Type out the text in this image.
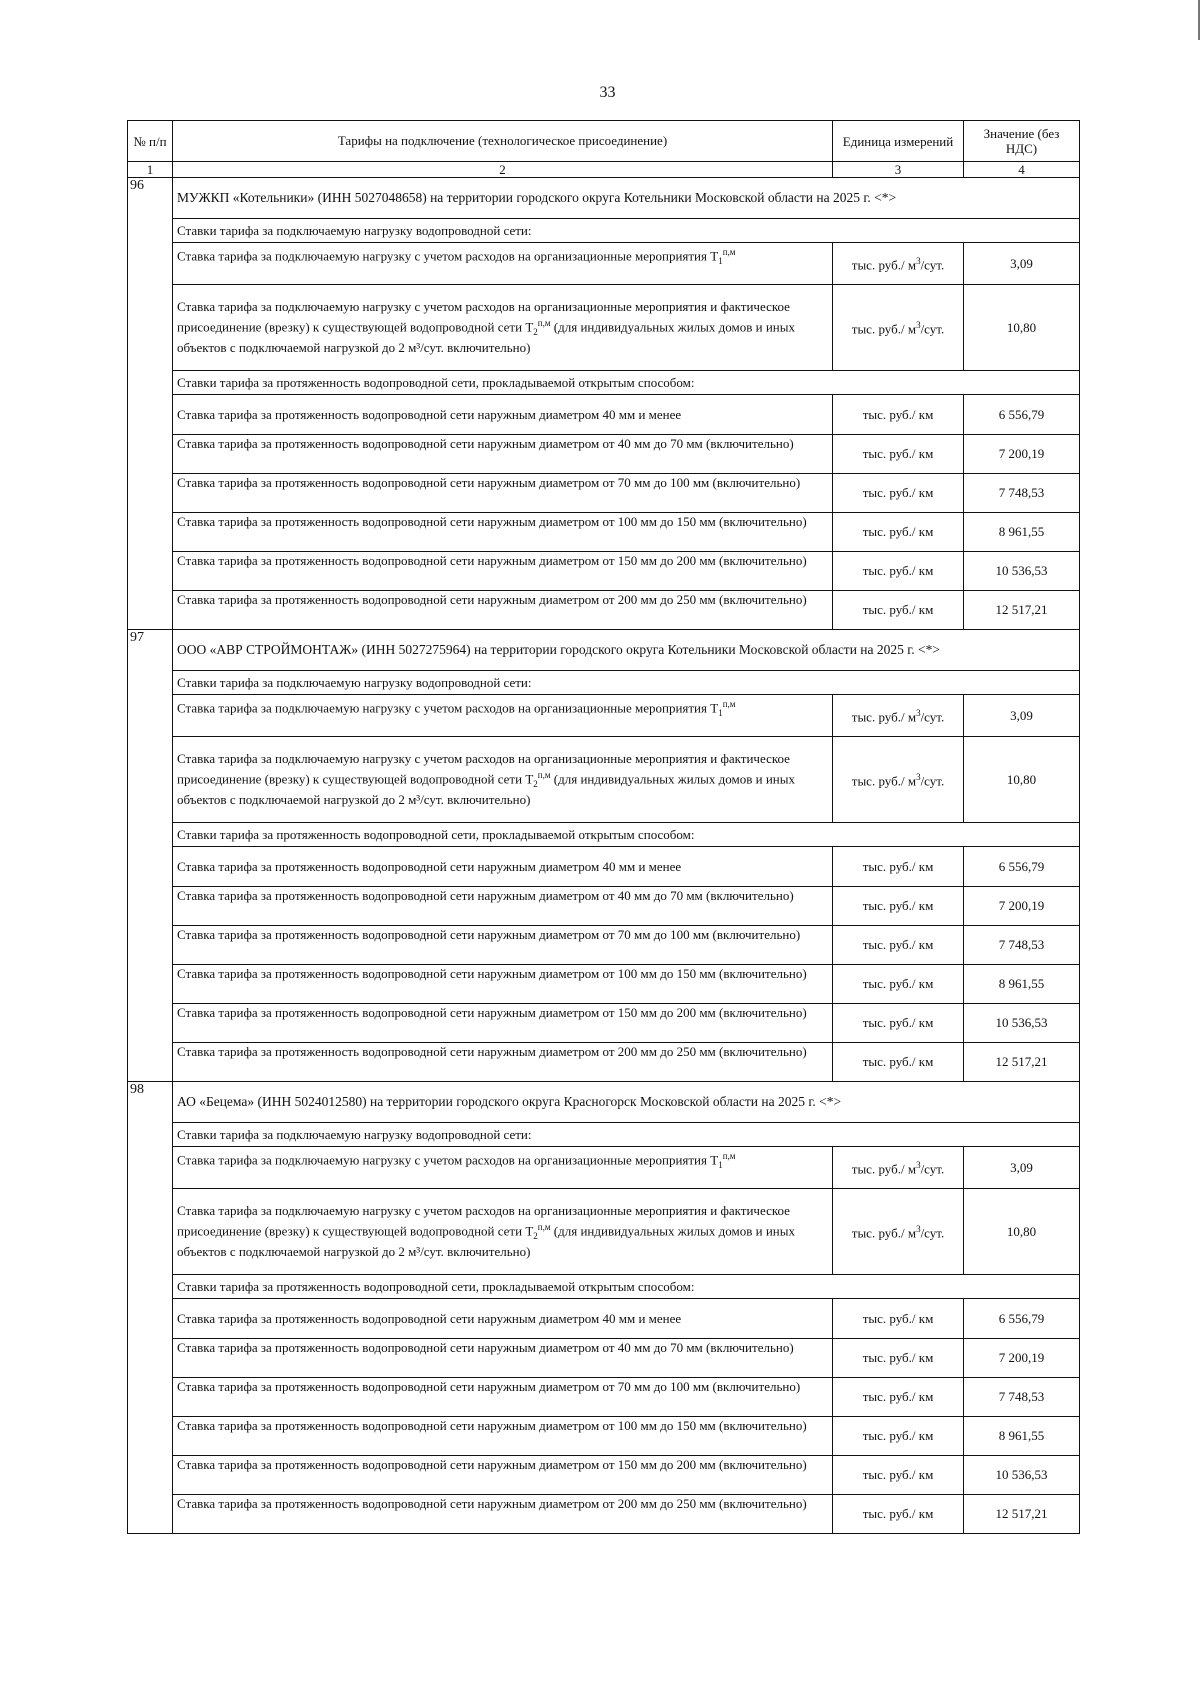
33
№ п/п	Тарифы на подключение (технологическое присоединение)	Единица измерений	Значение (без НДС)
1	2	3	4
96	МУЖКП «Котельники» (ИНН 5027048658) на территории городского округа Котельники Московской области на 2025 г. <*>		
	Ставки тарифа за подключаемую нагрузку водопроводной сети:		
	Ставка тарифа за подключаемую нагрузку с учетом расходов на организационные мероприятия $T_1^{п,м}$	тыс. руб./ $м^3$/сут.	3,09
	Ставка тарифа за подключаемую нагрузку с учетом расходов на организационные мероприятия и фактическое присоединение (врезку) к существующей водопроводной сети $T_2^{п,м}$ (для индивидуальных жилых домов и иных объектов с подключаемой нагрузкой до 2 м³/сут. включительно)	тыс. руб./ $м^3$/сут.	10,80
	Ставки тарифа за протяженность водопроводной сети, прокладываемой открытым способом:		
	Ставка тарифа за протяженность водопроводной сети наружным диаметром 40 мм и менее	тыс. руб./ км	6 556,79
	Ставка тарифа за протяженность водопроводной сети наружным диаметром от 40 мм до 70 мм (включительно)	тыс. руб./ км	7 200,19
	Ставка тарифа за протяженность водопроводной сети наружным диаметром от 70 мм до 100 мм (включительно)	тыс. руб./ км	7 748,53
	Ставка тарифа за протяженность водопроводной сети наружным диаметром от 100 мм до 150 мм (включительно)	тыс. руб./ км	8 961,55
	Ставка тарифа за протяженность водопроводной сети наружным диаметром от 150 мм до 200 мм (включительно)	тыс. руб./ км	10 536,53
	Ставка тарифа за протяженность водопроводной сети наружным диаметром от 200 мм до 250 мм (включительно)	тыс. руб./ км	12 517,21
97	ООО «АВР СТРОЙМОНТАЖ» (ИНН 5027275964) на территории городского округа Котельники Московской области на 2025 г. <*>		
	Ставки тарифа за подключаемую нагрузку водопроводной сети:		
	Ставка тарифа за подключаемую нагрузку с учетом расходов на организационные мероприятия $T_1^{п,м}$	тыс. руб./ $м^3$/сут.	3,09
	Ставка тарифа за подключаемую нагрузку с учетом расходов на организационные мероприятия и фактическое присоединение (врезку) к существующей водопроводной сети $T_2^{п,м}$ (для индивидуальных жилых домов и иных объектов с подключаемой нагрузкой до 2 м³/сут. включительно)	тыс. руб./ $м^3$/сут.	10,80
	Ставки тарифа за протяженность водопроводной сети, прокладываемой открытым способом:		
	Ставка тарифа за протяженность водопроводной сети наружным диаметром 40 мм и менее	тыс. руб./ км	6 556,79
	Ставка тарифа за протяженность водопроводной сети наружным диаметром от 40 мм до 70 мм (включительно)	тыс. руб./ км	7 200,19
	Ставка тарифа за протяженность водопроводной сети наружным диаметром от 70 мм до 100 мм (включительно)	тыс. руб./ км	7 748,53
	Ставка тарифа за протяженность водопроводной сети наружным диаметром от 100 мм до 150 мм (включительно)	тыс. руб./ км	8 961,55
	Ставка тарифа за протяженность водопроводной сети наружным диаметром от 150 мм до 200 мм (включительно)	тыс. руб./ км	10 536,53
	Ставка тарифа за протяженность водопроводной сети наружным диаметром от 200 мм до 250 мм (включительно)	тыс. руб./ км	12 517,21
98	АО «Бецема» (ИНН 5024012580) на территории городского округа Красногорск Московской области на 2025 г. <*>		
	Ставки тарифа за подключаемую нагрузку водопроводной сети:		
	Ставка тарифа за подключаемую нагрузку с учетом расходов на организационные мероприятия $T_1^{п,м}$	тыс. руб./ $м^3$/сут.	3,09
	Ставка тарифа за подключаемую нагрузку с учетом расходов на организационные мероприятия и фактическое присоединение (врезку) к существующей водопроводной сети $T_2^{п,м}$ (для индивидуальных жилых домов и иных объектов с подключаемой нагрузкой до 2 м³/сут. включительно)	тыс. руб./ $м^3$/сут.	10,80
	Ставки тарифа за протяженность водопроводной сети, прокладываемой открытым способом:		
	Ставка тарифа за протяженность водопроводной сети наружным диаметром 40 мм и менее	тыс. руб./ км	6 556,79
	Ставка тарифа за протяженность водопроводной сети наружным диаметром от 40 мм до 70 мм (включительно)	тыс. руб./ км	7 200,19
	Ставка тарифа за протяженность водопроводной сети наружным диаметром от 70 мм до 100 мм (включительно)	тыс. руб./ км	7 748,53
	Ставка тарифа за протяженность водопроводной сети наружным диаметром от 100 мм до 150 мм (включительно)	тыс. руб./ км	8 961,55
	Ставка тарифа за протяженность водопроводной сети наружным диаметром от 150 мм до 200 мм (включительно)	тыс. руб./ км	10 536,53
	Ставка тарифа за протяженность водопроводной сети наружным диаметром от 200 мм до 250 мм (включительно)	тыс. руб./ км	12 517,21
